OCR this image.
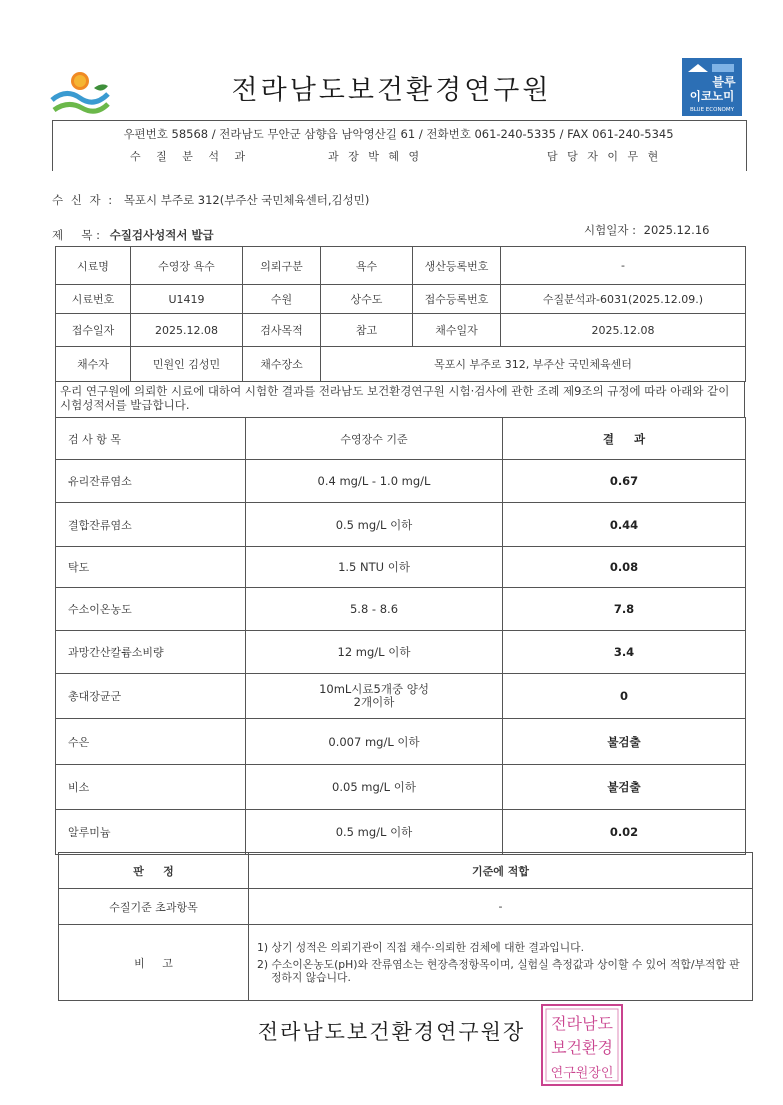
전라남도보건환경연구원	블루
이코노미
BLUE ECONOMY
우편번호 58568 / 전라남도 무안군 삼향읍 남악영산길 61 / 전화번호 061-240-5335 / FAX 061-240-5345
수 질 분 석 과	과 장 박 혜 영	담 당 자 이 무 현
수 신 자 : 목포시 부주로 312(부주산 국민체육센터,김성민)
제     목 : 수질검사성적서 발급	시험일자 : 2025.12.16
시료명	수영장 욕수	의뢰구분	욕수	생산등록번호	-
시료번호	U1419	수원	상수도	접수등록번호	수질분석과-6031(2025.12.09.)
접수일자	2025.12.08	검사목적	참고	채수일자	2025.12.08
채수자	민원인 김성민	채수장소	목포시 부주로 312, 부주산 국민체육센터		
우리 연구원에 의뢰한 시료에 대하여 시험한 결과를 전라남도 보건환경연구원 시험·검사에 관한 조례 제9조의 규정에 따라 아래와 같이 시험성적서를 발급합니다.
검 사 항 목	수영장수 기준	결     과
유리잔류염소	0.4 mg/L - 1.0 mg/L	0.67
결합잔류염소	0.5 mg/L 이하	0.44
탁도	1.5 NTU 이하	0.08
수소이온농도	5.8 - 8.6	7.8
과망간산칼륨소비량	12 mg/L 이하	3.4
총대장균군	10mL시료5개중 양성2개이하	0
수은	0.007 mg/L 이하	불검출
비소	0.05 mg/L 이하	불검출
알루미늄	0.5 mg/L 이하	0.02
판     정	기준에 적합
수질기준 초과항목	-
비     고	1) 상기 성적은 의뢰기관이 직접 채수·의뢰한 검체에 대한 결과입니다.
2) 수소이온농도(pH)와 잔류염소는 현장측정항목이며, 실험실 측정값과 상이할 수 있어 적합/부적합 판정하지 않습니다.
전라남도보건환경연구원장	전라남도
보건환경
연구원장인
